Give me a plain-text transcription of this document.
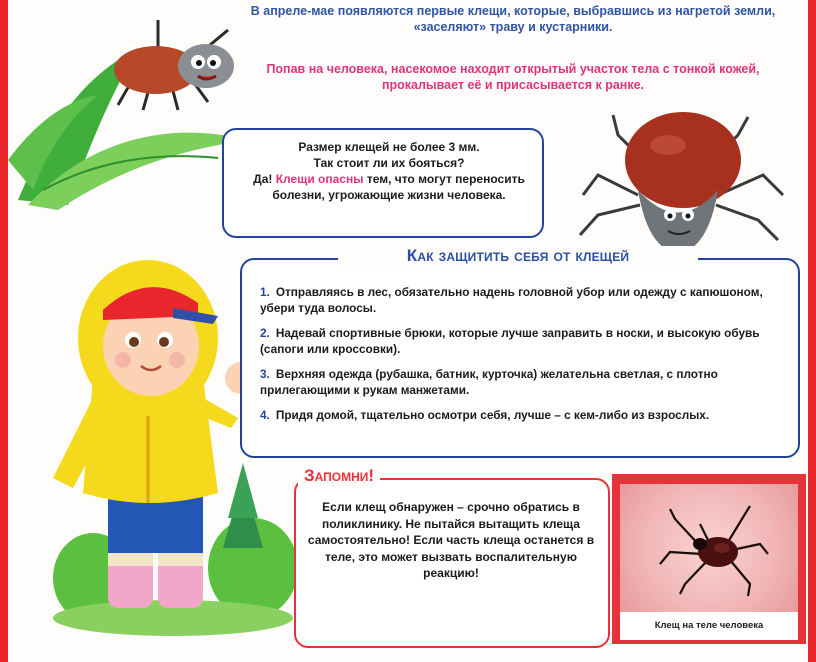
В апреле-мае появляются первые клещи, которые, выбравшись из нагретой земли, «заселяют» траву и кустарники.
Попав на человека, насекомое находит открытый участок тела с тонкой кожей, прокалывает её и присасывается к ранке.
Размер клещей не более 3 мм.
Так стоит ли их бояться?
Да! Клещи опасны тем, что могут переносить болезни, угрожающие жизни человека.
Как защитить себя от клещей
1. Отправляясь в лес, обязательно надень головной убор или одежду с капюшоном, убери туда волосы.
2. Надевай спортивные брюки, которые лучше заправить в носки, и высокую обувь (сапоги или кроссовки).
3. Верхняя одежда (рубашка, батник, курточка) желательна светлая, с плотно прилегающими к рукам манжетами.
4. Придя домой, тщательно осмотри себя, лучше – с кем-либо из взрослых.
Запомни!
Если клещ обнаружен – срочно обратись в поликлинику. Не пытайся вытащить клеща самостоятельно! Если часть клеща останется в теле, это может вызвать воспалительную реакцию!
Клещ на теле человека
